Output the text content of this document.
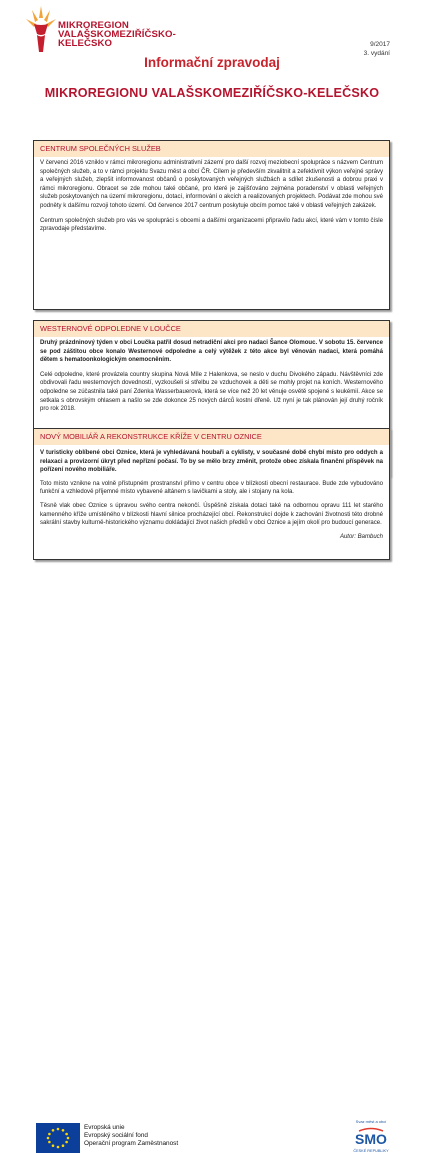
MIKROREGION
VALAŠSKOMEZIŘÍČSKO-
KELEČSKO	9/2017
3. vydání
Informační zpravodaj
MIKROREGIONU VALAŠSKOMEZIŘÍČSKO-KELEČSKO
CENTRUM SPOLEČNÝCH SLUŽEB

V červenci 2016 vzniklo v rámci mikroregionu administrativní zázemí pro další rozvoj meziobecní spolupráce s názvem Centrum společných služeb, a to v rámci projektu Svazu měst a obcí ČR. Cílem je především zkvalitnit a zefektivnit výkon veřejné správy a veřejných služeb, zlepšit informovanost občanů o poskytovaných veřejných službách a sdílet zkušenosti a dobrou praxi v rámci mikroregionu. Obracet se zde mohou také občané, pro které je zajišťováno zejména poradenství v oblasti veřejných služeb poskytovaných na území mikroregionu, dotací, informování o akcích a realizovaných projektech. Podávat zde mohou své podněty k dalšímu rozvoji tohoto území. Od července 2017 centrum poskytuje obcím pomoc také v oblasti veřejných zakázek.

Centrum společných služeb pro vás ve spolupráci s obcemi a dalšími organizacemi připravilo řadu akcí, které vám v tomto čísle zpravodaje představíme.

WESTERNOVÉ ODPOLEDNE V LOUČCE

Druhý prázdninový týden v obci Loučka patřil dosud netradiční akci pro nadaci Šance Olomouc. V sobotu 15. července se pod záštitou obce konalo Westernové odpoledne a celý výtěžek z této akce byl věnován nadaci, která pomáhá dětem s hematoonkologickým onemocněním.

Celé odpoledne, které provázela country skupina Nová Míle z Halenkova, se neslo v duchu Divokého západu. Návštěvníci zde obdivovali řadu westernových dovedností, vyzkoušeli si střelbu ze vzduchovek a děti se mohly projet na koních. Westernového odpoledne se zúčastnila také paní Zdenka Wasserbauerová, která se více než 20 let věnuje osvětě spojené s leukémií. Akce se setkala s obrovským ohlasem a našlo se zde dokonce 25 nových dárců kostní dřeně. Už nyní je tak plánován její druhý ročník pro rok 2018.

NOVÝ MOBILIÁŘ A REKONSTRUKCE KŘÍŽE V CENTRU OZNICE

V turisticky oblíbené obci Oznice, která je vyhledávaná houbaři a cyklisty, v současné době chybí místo pro oddych a relaxaci a provizorní úkryt před nepřízní počasí. To by se mělo brzy změnit, protože obec získala finanční příspěvek na pořízení nového mobiliáře.

Toto místo vznikne na volně přístupném prostranství přímo v centru obce v blízkosti obecní restaurace. Bude zde vybudováno funkční a vzhledově příjemné místo vybavené altánem s lavičkami a stoly, ale i stojany na kola.

Těsně vlak obec Oznice s úpravou svého centra nekončí. Úspěšně získala dotaci také na odbornou opravu 111 let starého kamenného kříže umístěného v blízkosti hlavní silnice procházející obcí. Rekonstrukcí dojde k zachování životnosti této drobné sakrální stavby kulturně-historického významu dokládající život našich předků v obci Oznice a jejím okolí pro budoucí generace.

Autor: Bambuch
Evropská unie
Evropský sociální fond
Operační program Zaměstnanost
Svaz měst a obcí
SMO
ČESKÉ REPUBLIKY
